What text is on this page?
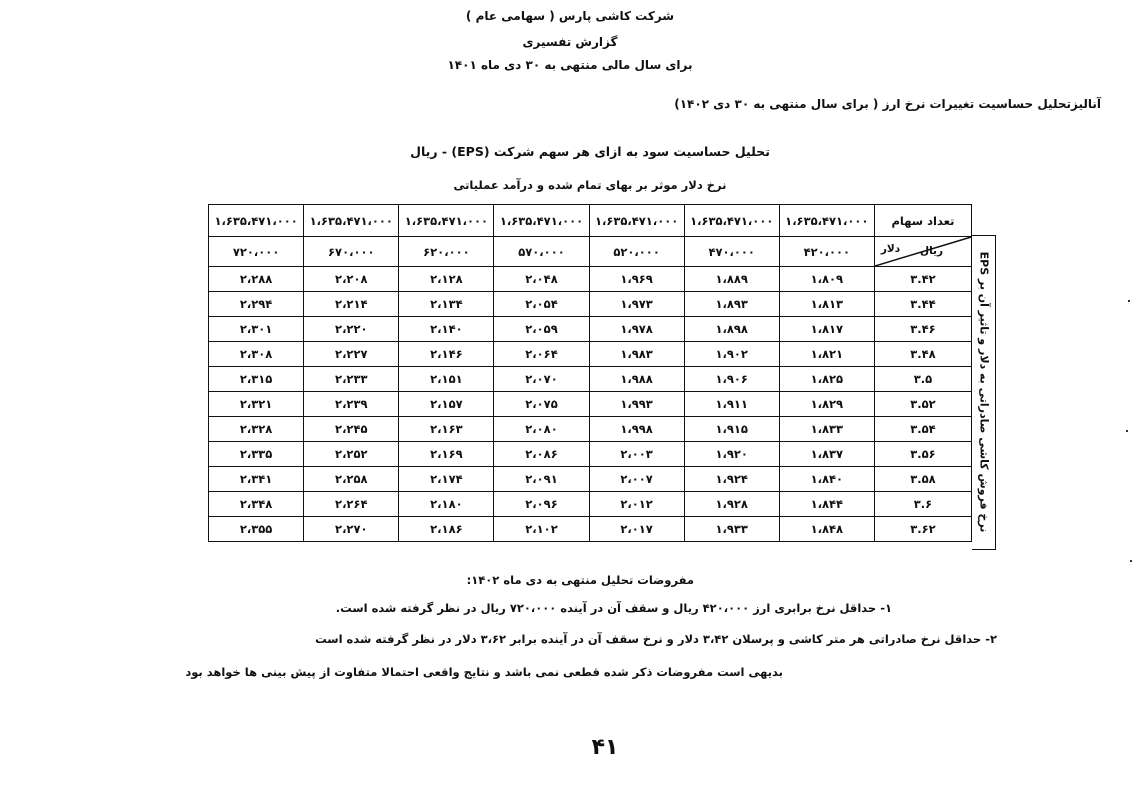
شرکت کاشی پارس ( سهامی عام )
گزارش تفسیری
برای سال مالی منتهی به ۳۰ دی ماه ۱۴۰۱
آنالیزتحلیل حساسیت تغییرات نرخ ارز ( برای سال منتهی به ۳۰ دی ۱۴۰۲)
تحلیل حساسیت سود به ازای هر سهم شرکت (EPS) - ریال
نرخ دلار موثر بر بهای تمام شده و درآمد عملیاتی
تعداد سهام	۱،۶۳۵،۴۷۱،۰۰۰	۱،۶۳۵،۴۷۱،۰۰۰	۱،۶۳۵،۴۷۱،۰۰۰	۱،۶۳۵،۴۷۱،۰۰۰	۱،۶۳۵،۴۷۱،۰۰۰	۱،۶۳۵،۴۷۱،۰۰۰	۱،۶۳۵،۴۷۱،۰۰۰

دلار ریال	۴۲۰،۰۰۰	۴۷۰،۰۰۰	۵۲۰،۰۰۰	۵۷۰،۰۰۰	۶۲۰،۰۰۰	۶۷۰،۰۰۰	۷۲۰،۰۰۰
۳.۴۲	۱،۸۰۹	۱،۸۸۹	۱،۹۶۹	۲،۰۴۸	۲،۱۲۸	۲،۲۰۸	۲،۲۸۸
۳.۴۴	۱،۸۱۳	۱،۸۹۳	۱،۹۷۳	۲،۰۵۴	۲،۱۳۴	۲،۲۱۴	۲،۲۹۴
۳.۴۶	۱،۸۱۷	۱،۸۹۸	۱،۹۷۸	۲،۰۵۹	۲،۱۴۰	۲،۲۲۰	۲،۳۰۱
۳.۴۸	۱،۸۲۱	۱،۹۰۲	۱،۹۸۳	۲،۰۶۴	۲،۱۴۶	۲،۲۲۷	۲،۳۰۸
۳.۵	۱،۸۲۵	۱،۹۰۶	۱،۹۸۸	۲،۰۷۰	۲،۱۵۱	۲،۲۳۳	۲،۳۱۵
۳.۵۲	۱،۸۲۹	۱،۹۱۱	۱،۹۹۳	۲،۰۷۵	۲،۱۵۷	۲،۲۳۹	۲،۳۲۱
۳.۵۴	۱،۸۳۳	۱،۹۱۵	۱،۹۹۸	۲،۰۸۰	۲،۱۶۳	۲،۲۴۵	۲،۳۲۸
۳.۵۶	۱،۸۳۷	۱،۹۲۰	۲،۰۰۳	۲،۰۸۶	۲،۱۶۹	۲،۲۵۲	۲،۳۳۵
۳.۵۸	۱،۸۴۰	۱،۹۲۴	۲،۰۰۷	۲،۰۹۱	۲،۱۷۴	۲،۲۵۸	۲،۳۴۱
۳.۶	۱،۸۴۴	۱،۹۲۸	۲،۰۱۲	۲،۰۹۶	۲،۱۸۰	۲،۲۶۴	۲،۳۴۸
۳.۶۲	۱،۸۴۸	۱،۹۳۳	۲،۰۱۷	۲،۱۰۲	۲،۱۸۶	۲،۲۷۰	۲،۳۵۵
نرخ فروش کاشی صادراتی به دلار و تاثیر آن بر EPS
مفروضات تحلیل منتهی به دی ماه ۱۴۰۲:
۱- حداقل نرخ برابری ارز ۴۲۰،۰۰۰ ریال و سقف آن در آینده ۷۲۰،۰۰۰ ریال در نظر گرفته شده است.
۲- حداقل نرخ صادراتی هر متر کاشی و پرسلان ۳،۴۲ دلار و نرخ سقف آن در آینده برابر ۳،۶۲ دلار در نظر گرفته شده است
بدیهی است مفروضات ذکر شده قطعی نمی باشد و نتایج واقعی احتمالا متفاوت از پیش بینی ها خواهد بود
۴۱
